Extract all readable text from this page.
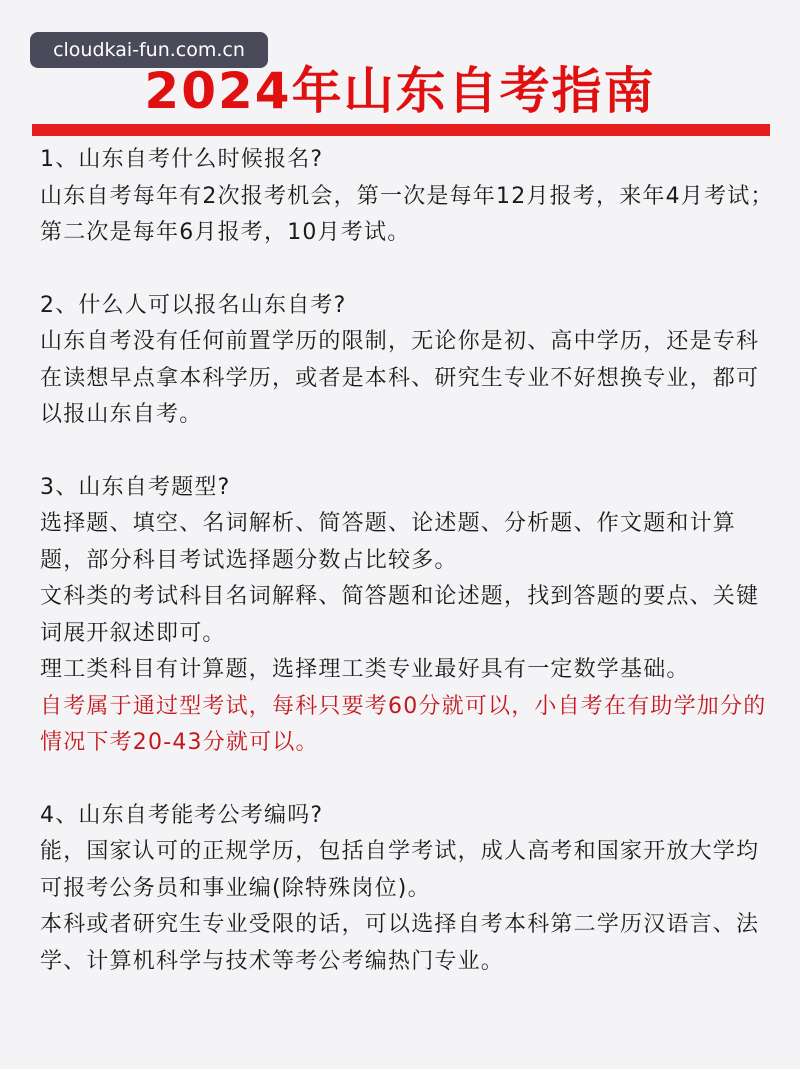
cloudkai-fun.com.cn
2024年山东自考指南

1、山东自考什么时候报名?

山东自考每年有2次报考机会，第一次是每年12月报考，来年4月考试；第二次是每年6月报考，10月考试。

2、什么人可以报名山东自考?

山东自考没有任何前置学历的限制，无论你是初、高中学历，还是专科在读想早点拿本科学历，或者是本科、研究生专业不好想换专业，都可以报山东自考。

3、山东自考题型?

选择题、填空、名词解析、简答题、论述题、分析题、作文题和计算题，部分科目考试选择题分数占比较多。

文科类的考试科目名词解释、简答题和论述题，找到答题的要点、关键词展开叙述即可。

理工类科目有计算题，选择理工类专业最好具有一定数学基础。

自考属于通过型考试，每科只要考60分就可以，小自考在有助学加分的情况下考20-43分就可以。

4、山东自考能考公考编吗?

能，国家认可的正规学历，包括自学考试，成人高考和国家开放大学均可报考公务员和事业编(除特殊岗位)。

本科或者研究生专业受限的话，可以选择自考本科第二学历汉语言、法学、计算机科学与技术等考公考编热门专业。
